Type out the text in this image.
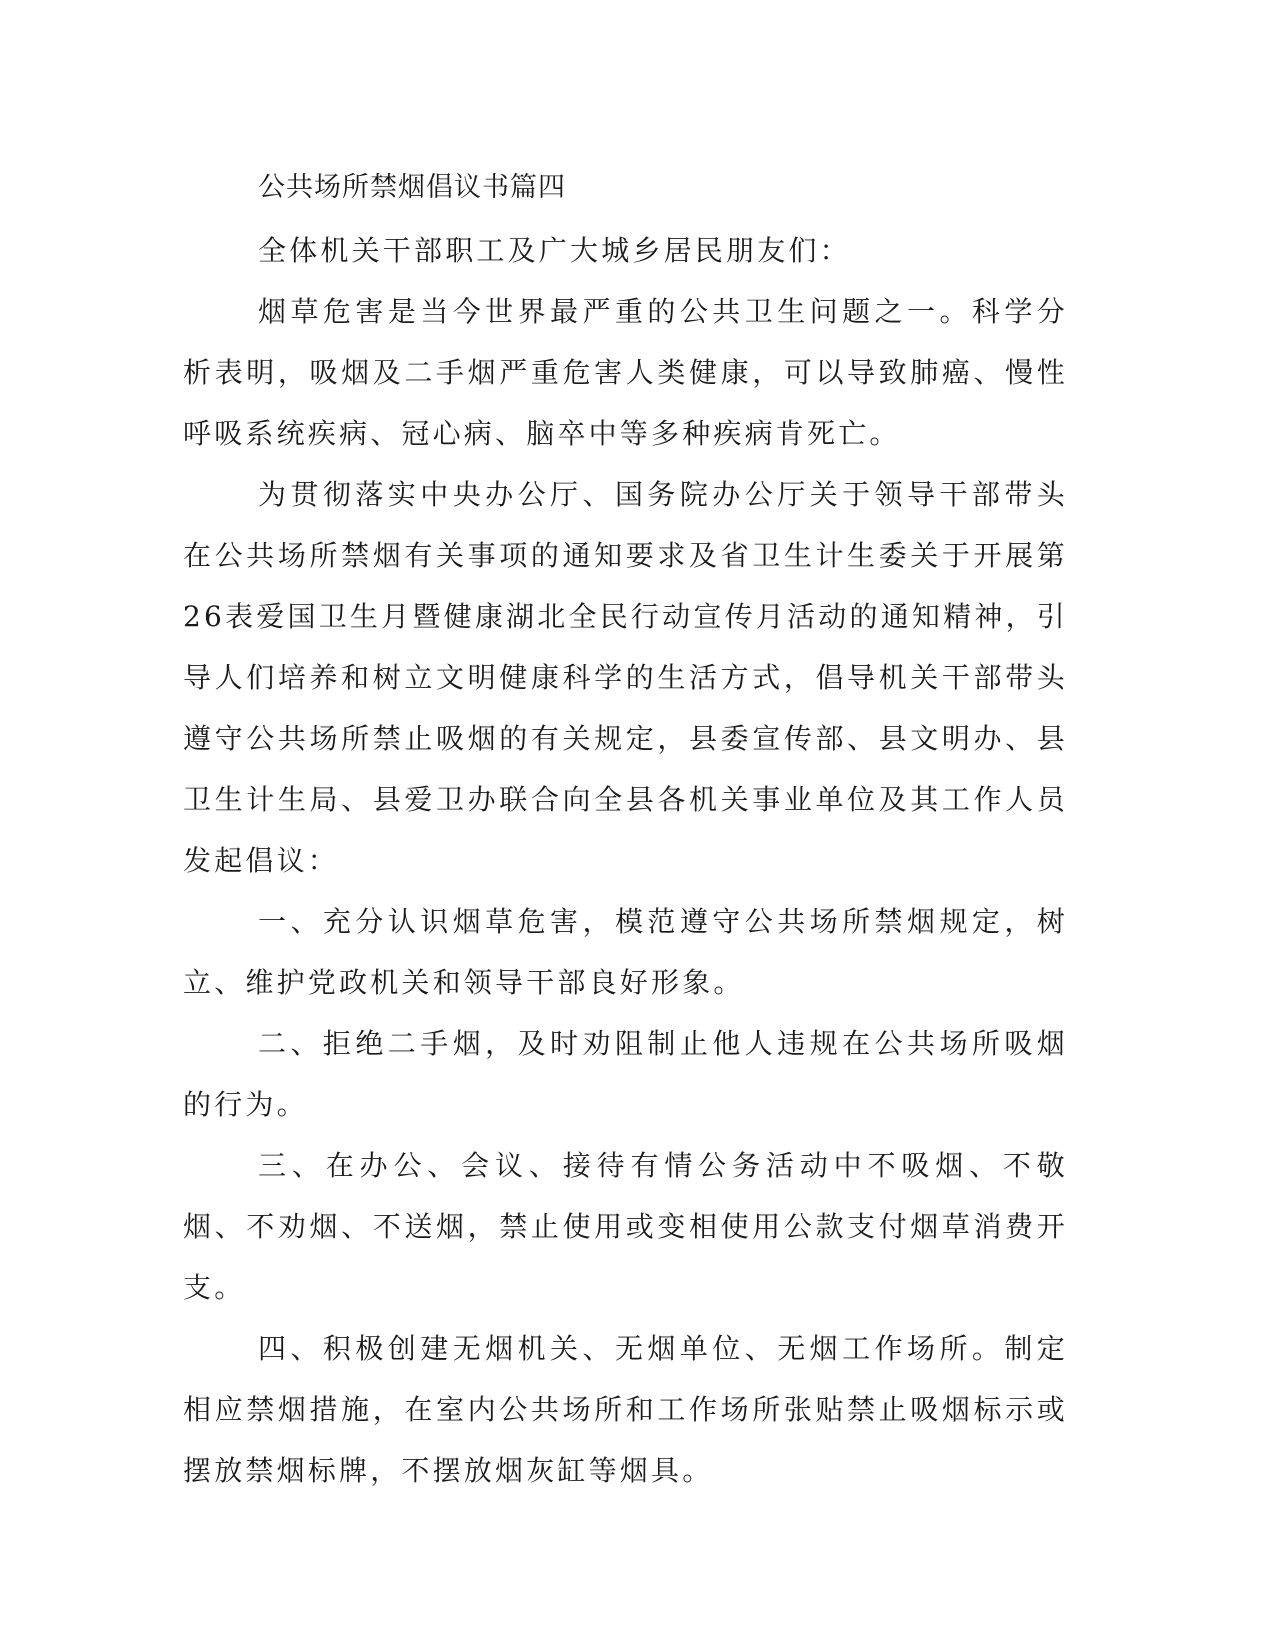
公共场所禁烟倡议书篇四

全体机关干部职工及广大城乡居民朋友们：

烟草危害是当今世界最严重的公共卫生问题之一。科学分析表明，吸烟及二手烟严重危害人类健康，可以导致肺癌、慢性呼吸系统疾病、冠心病、脑卒中等多种疾病肯死亡。

为贯彻落实中央办公厅、国务院办公厅关于领导干部带头在公共场所禁烟有关事项的通知要求及省卫生计生委关于开展第26表爱国卫生月暨健康湖北全民行动宣传月活动的通知精神，引导人们培养和树立文明健康科学的生活方式，倡导机关干部带头遵守公共场所禁止吸烟的有关规定，县委宣传部、县文明办、县卫生计生局、县爱卫办联合向全县各机关事业单位及其工作人员发起倡议：

一、充分认识烟草危害，模范遵守公共场所禁烟规定，树立、维护党政机关和领导干部良好形象。

二、拒绝二手烟，及时劝阻制止他人违规在公共场所吸烟的行为。

三、在办公、会议、接待有情公务活动中不吸烟、不敬烟、不劝烟、不送烟，禁止使用或变相使用公款支付烟草消费开支。

四、积极创建无烟机关、无烟单位、无烟工作场所。制定相应禁烟措施，在室内公共场所和工作场所张贴禁止吸烟标示或摆放禁烟标牌，不摆放烟灰缸等烟具。
